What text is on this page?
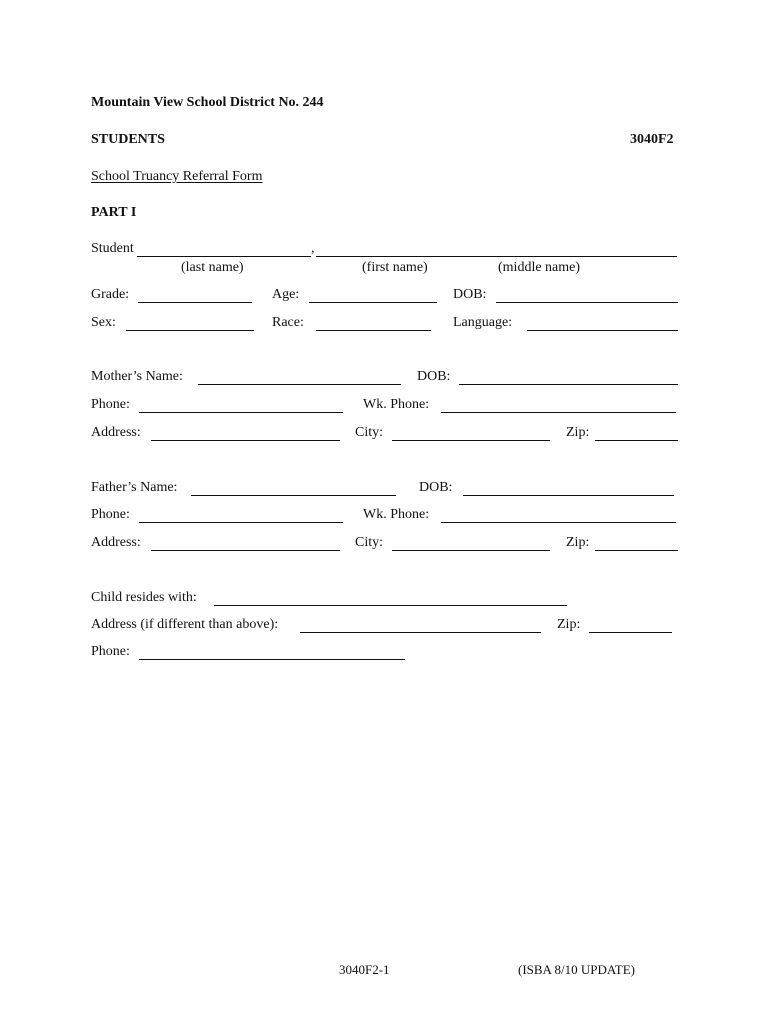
Mountain View School District No. 244
STUDENTS	3040F2
School Truancy Referral Form
PART I
Student	,
(last name)	(first name)	(middle name)
Grade:	Age:	DOB:
Sex:	Race:	Language:
Mother’s Name:	DOB:
Phone:	Wk. Phone:
Address:	City:	Zip:
Father’s Name:	DOB:
Phone:	Wk. Phone:
Address:	City:	Zip:
Child resides with:
Address (if different than above):	Zip:
Phone:
3040F2-1	(ISBA 8/10 UPDATE)
